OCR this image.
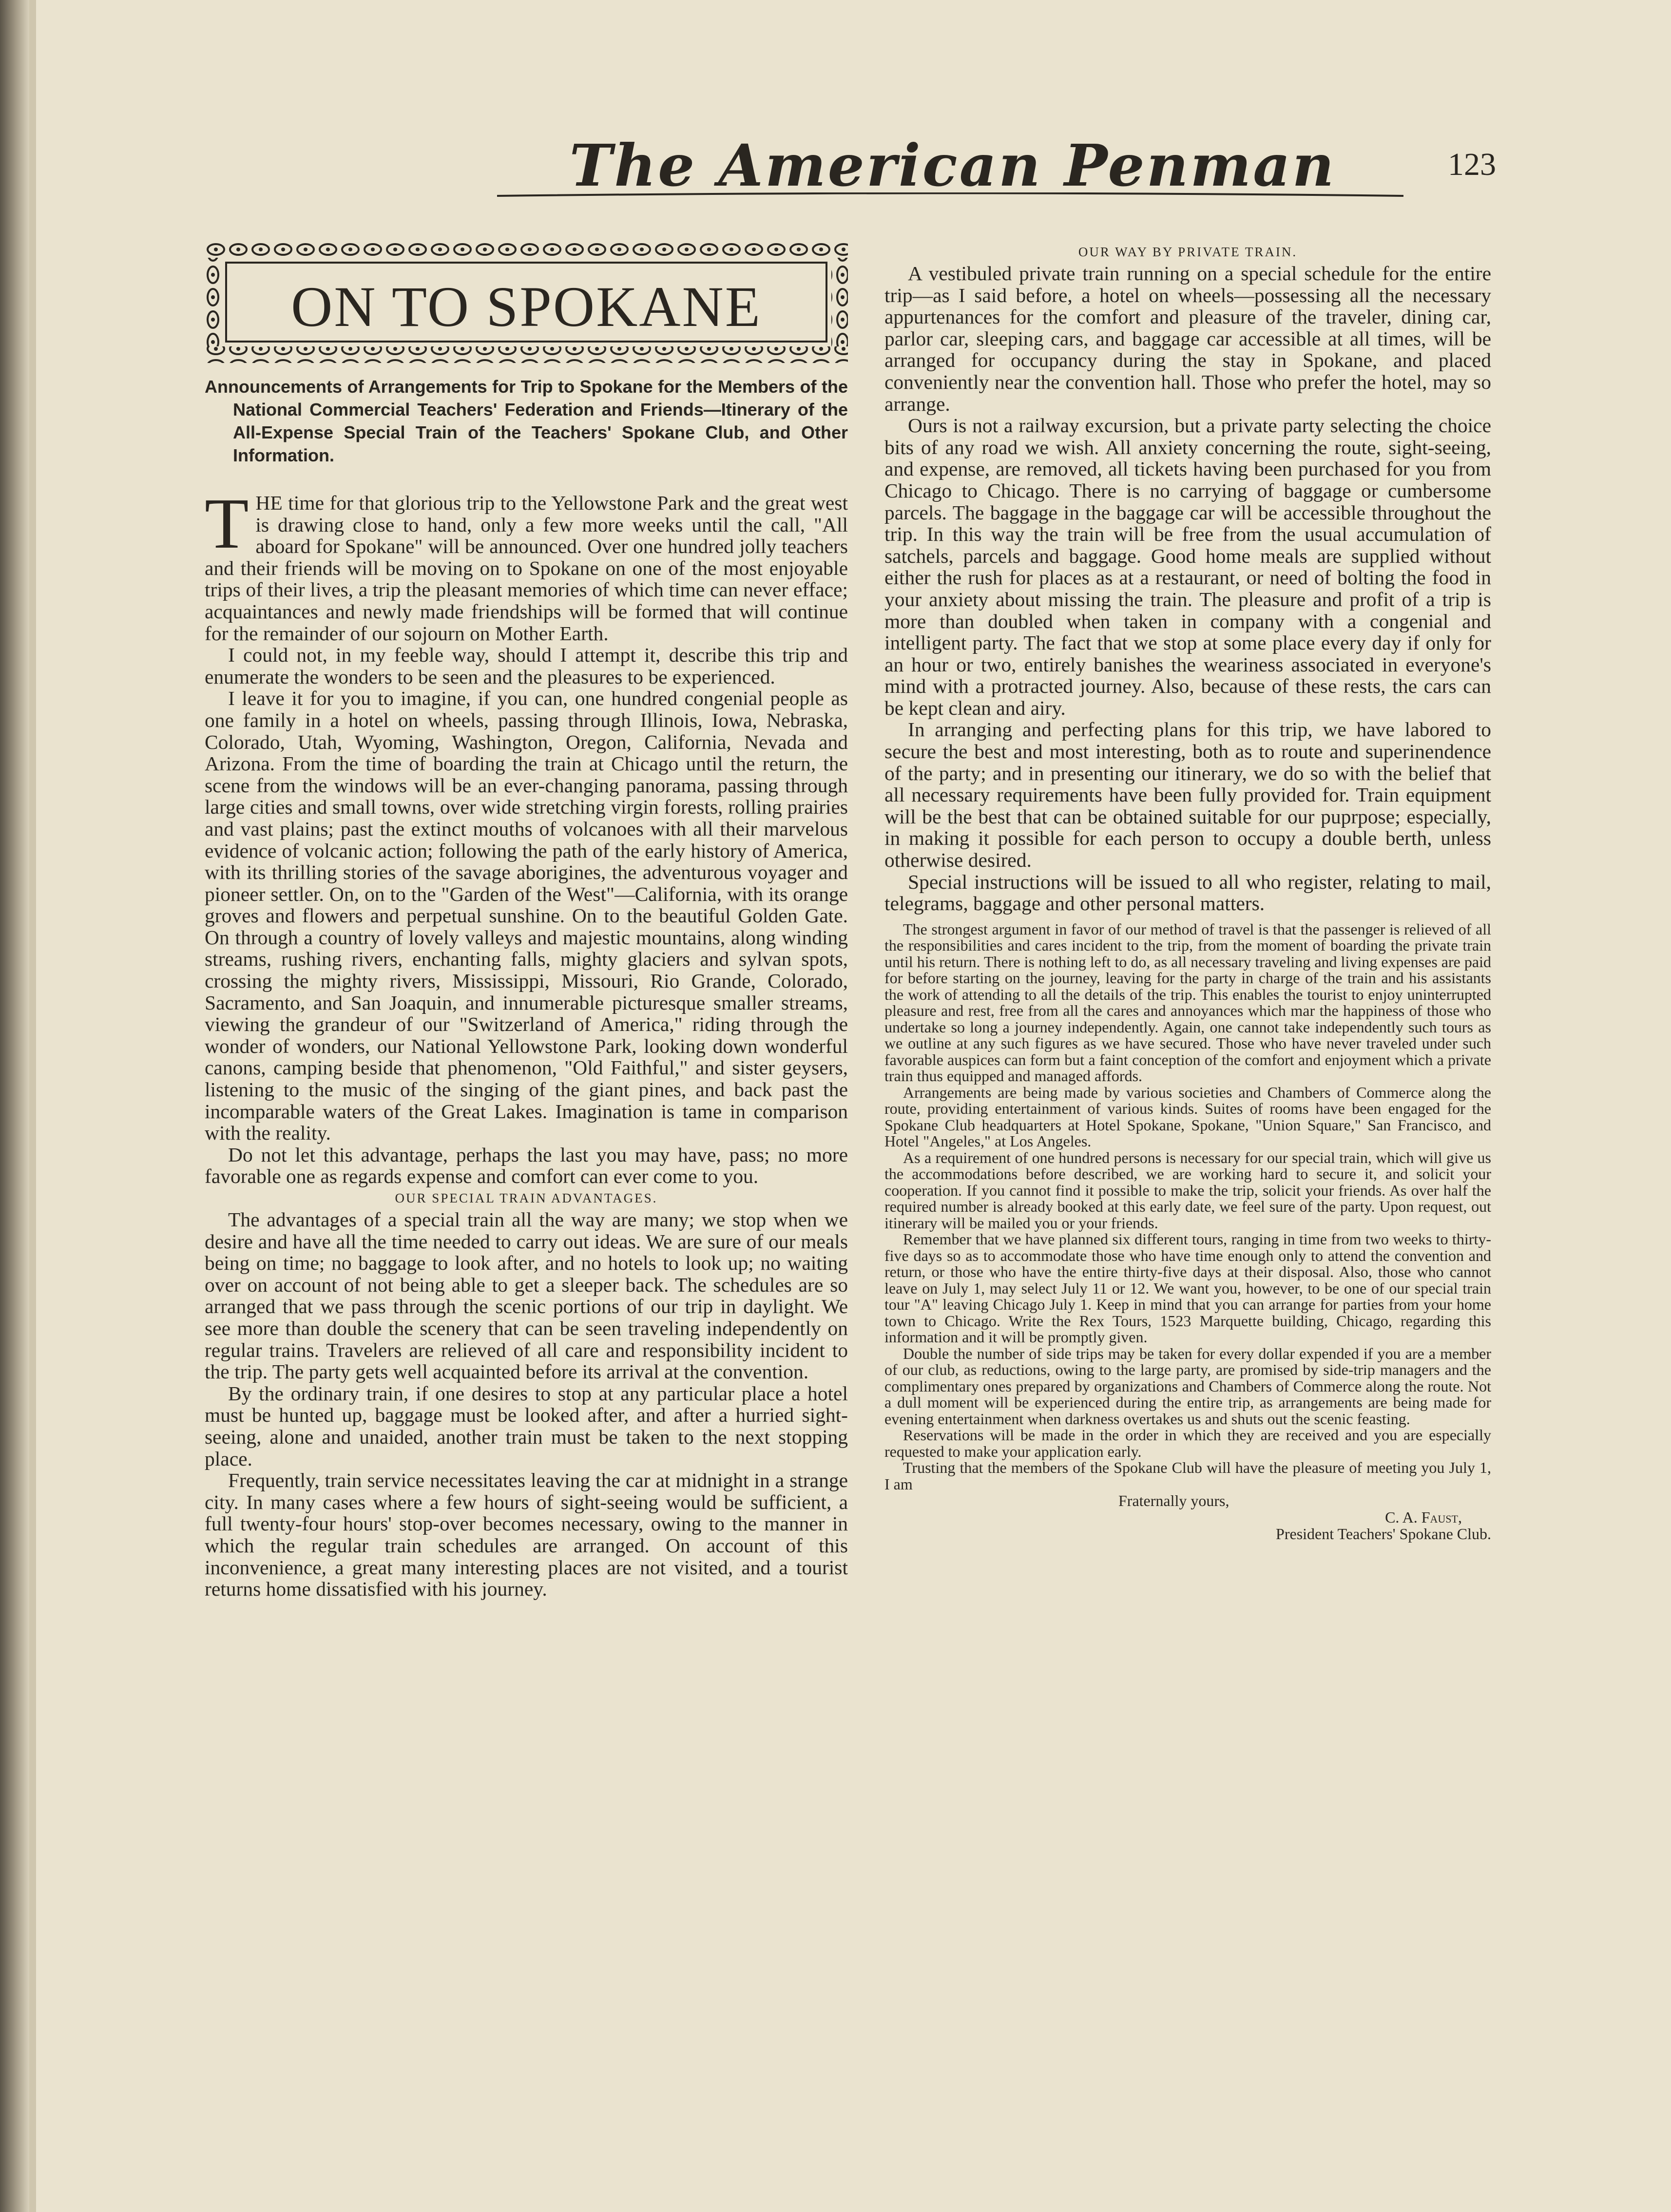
The American Penman	123
ON TO SPOKANE
Announcements of Arrangements for Trip to Spokane for the Members of the National Commercial Teachers' Federation and Friends—Itinerary of the All-Expense Special Train of the Teachers' Spokane Club, and Other Information.

THE time for that glorious trip to the Yellowstone Park and the great west is drawing close to hand, only a few more weeks until the call, "All aboard for Spokane" will be announced. Over one hundred jolly teachers and their friends will be moving on to Spokane on one of the most enjoyable trips of their lives, a trip the pleasant memories of which time can never efface; acquaintances and newly made friendships will be formed that will continue for the remainder of our sojourn on Mother Earth.

I could not, in my feeble way, should I attempt it, describe this trip and enumerate the wonders to be seen and the pleasures to be experienced.

I leave it for you to imagine, if you can, one hundred congenial people as one family in a hotel on wheels, passing through Illinois, Iowa, Nebraska, Colorado, Utah, Wyoming, Washington, Oregon, California, Nevada and Arizona. From the time of boarding the train at Chicago until the return, the scene from the windows will be an ever-changing panorama, passing through large cities and small towns, over wide stretching virgin forests, rolling prairies and vast plains; past the extinct mouths of volcanoes with all their marvelous evidence of volcanic action; following the path of the early history of America, with its thrilling stories of the savage aborigines, the adventurous voyager and pioneer settler. On, on to the "Garden of the West"—California, with its orange groves and flowers and perpetual sunshine. On to the beautiful Golden Gate. On through a country of lovely valleys and majestic mountains, along winding streams, rushing rivers, enchanting falls, mighty glaciers and sylvan spots, crossing the mighty rivers, Mississippi, Missouri, Rio Grande, Colorado, Sacramento, and San Joaquin, and innumerable picturesque smaller streams, viewing the grandeur of our "Switzerland of America," riding through the wonder of wonders, our National Yellowstone Park, looking down wonderful canons, camping beside that phenomenon, "Old Faithful," and sister geysers, listening to the music of the singing of the giant pines, and back past the incomparable waters of the Great Lakes. Imagination is tame in comparison with the reality.

Do not let this advantage, perhaps the last you may have, pass; no more favorable one as regards expense and comfort can ever come to you.

OUR SPECIAL TRAIN ADVANTAGES.

The advantages of a special train all the way are many; we stop when we desire and have all the time needed to carry out ideas. We are sure of our meals being on time; no baggage to look after, and no hotels to look up; no waiting over on account of not being able to get a sleeper back. The schedules are so arranged that we pass through the scenic portions of our trip in daylight. We see more than double the scenery that can be seen traveling independently on regular trains. Travelers are relieved of all care and responsibility incident to the trip. The party gets well acquainted before its arrival at the convention.

By the ordinary train, if one desires to stop at any particular place a hotel must be hunted up, baggage must be looked after, and after a hurried sight-seeing, alone and unaided, another train must be taken to the next stopping place.

Frequently, train service necessitates leaving the car at midnight in a strange city. In many cases where a few hours of sight-seeing would be sufficient, a full twenty-four hours' stop-over becomes necessary, owing to the manner in which the regular train schedules are arranged. On account of this inconvenience, a great many interesting places are not visited, and a tourist returns home dissatisfied with his journey.

OUR WAY BY PRIVATE TRAIN.

A vestibuled private train running on a special schedule for the entire trip—as I said before, a hotel on wheels—possessing all the necessary appurtenances for the comfort and pleasure of the traveler, dining car, parlor car, sleeping cars, and baggage car accessible at all times, will be arranged for occupancy during the stay in Spokane, and placed conveniently near the convention hall. Those who prefer the hotel, may so arrange.

Ours is not a railway excursion, but a private party selecting the choice bits of any road we wish. All anxiety concerning the route, sight-seeing, and expense, are removed, all tickets having been purchased for you from Chicago to Chicago. There is no carrying of baggage or cumbersome parcels. The baggage in the baggage car will be accessible throughout the trip. In this way the train will be free from the usual accumulation of satchels, parcels and baggage. Good home meals are supplied without either the rush for places as at a restaurant, or need of bolting the food in your anxiety about missing the train. The pleasure and profit of a trip is more than doubled when taken in company with a congenial and intelligent party. The fact that we stop at some place every day if only for an hour or two, entirely banishes the weariness associated in everyone's mind with a protracted journey. Also, because of these rests, the cars can be kept clean and airy.

In arranging and perfecting plans for this trip, we have labored to secure the best and most interesting, both as to route and superinendence of the party; and in presenting our itinerary, we do so with the belief that all necessary requirements have been fully provided for. Train equipment will be the best that can be obtained suitable for our puprpose; especially, in making it possible for each person to occupy a double berth, unless otherwise desired.

Special instructions will be issued to all who register, relating to mail, telegrams, baggage and other personal matters.

The strongest argument in favor of our method of travel is that the passenger is relieved of all the responsibilities and cares incident to the trip, from the moment of boarding the private train until his return. There is nothing left to do, as all necessary traveling and living expenses are paid for before starting on the journey, leaving for the party in charge of the train and his assistants the work of attending to all the details of the trip. This enables the tourist to enjoy uninterrupted pleasure and rest, free from all the cares and annoyances which mar the happiness of those who undertake so long a journey independently. Again, one cannot take independently such tours as we outline at any such figures as we have secured. Those who have never traveled under such favorable auspices can form but a faint conception of the comfort and enjoyment which a private train thus equipped and managed affords.

Arrangements are being made by various societies and Chambers of Commerce along the route, providing entertainment of various kinds. Suites of rooms have been engaged for the Spokane Club headquarters at Hotel Spokane, Spokane, "Union Square," San Francisco, and Hotel "Angeles," at Los Angeles.

As a requirement of one hundred persons is necessary for our special train, which will give us the accommodations before described, we are working hard to secure it, and solicit your cooperation. If you cannot find it possible to make the trip, solicit your friends. As over half the required number is already booked at this early date, we feel sure of the party. Upon request, out itinerary will be mailed you or your friends.

Remember that we have planned six different tours, ranging in time from two weeks to thirty-five days so as to accommodate those who have time enough only to attend the convention and return, or those who have the entire thirty-five days at their disposal. Also, those who cannot leave on July 1, may select July 11 or 12. We want you, however, to be one of our special train tour "A" leaving Chicago July 1. Keep in mind that you can arrange for parties from your home town to Chicago. Write the Rex Tours, 1523 Marquette building, Chicago, regarding this information and it will be promptly given.

Double the number of side trips may be taken for every dollar expended if you are a member of our club, as reductions, owing to the large party, are promised by side-trip managers and the complimentary ones prepared by organizations and Chambers of Commerce along the route. Not a dull moment will be experienced during the entire trip, as arrangements are being made for evening entertainment when darkness overtakes us and shuts out the scenic feasting.

Reservations will be made in the order in which they are received and you are especially requested to make your application early.

Trusting that the members of the Spokane Club will have the pleasure of meeting you July 1, I am

Fraternally yours,

C. A. Faust,

President Teachers' Spokane Club.
